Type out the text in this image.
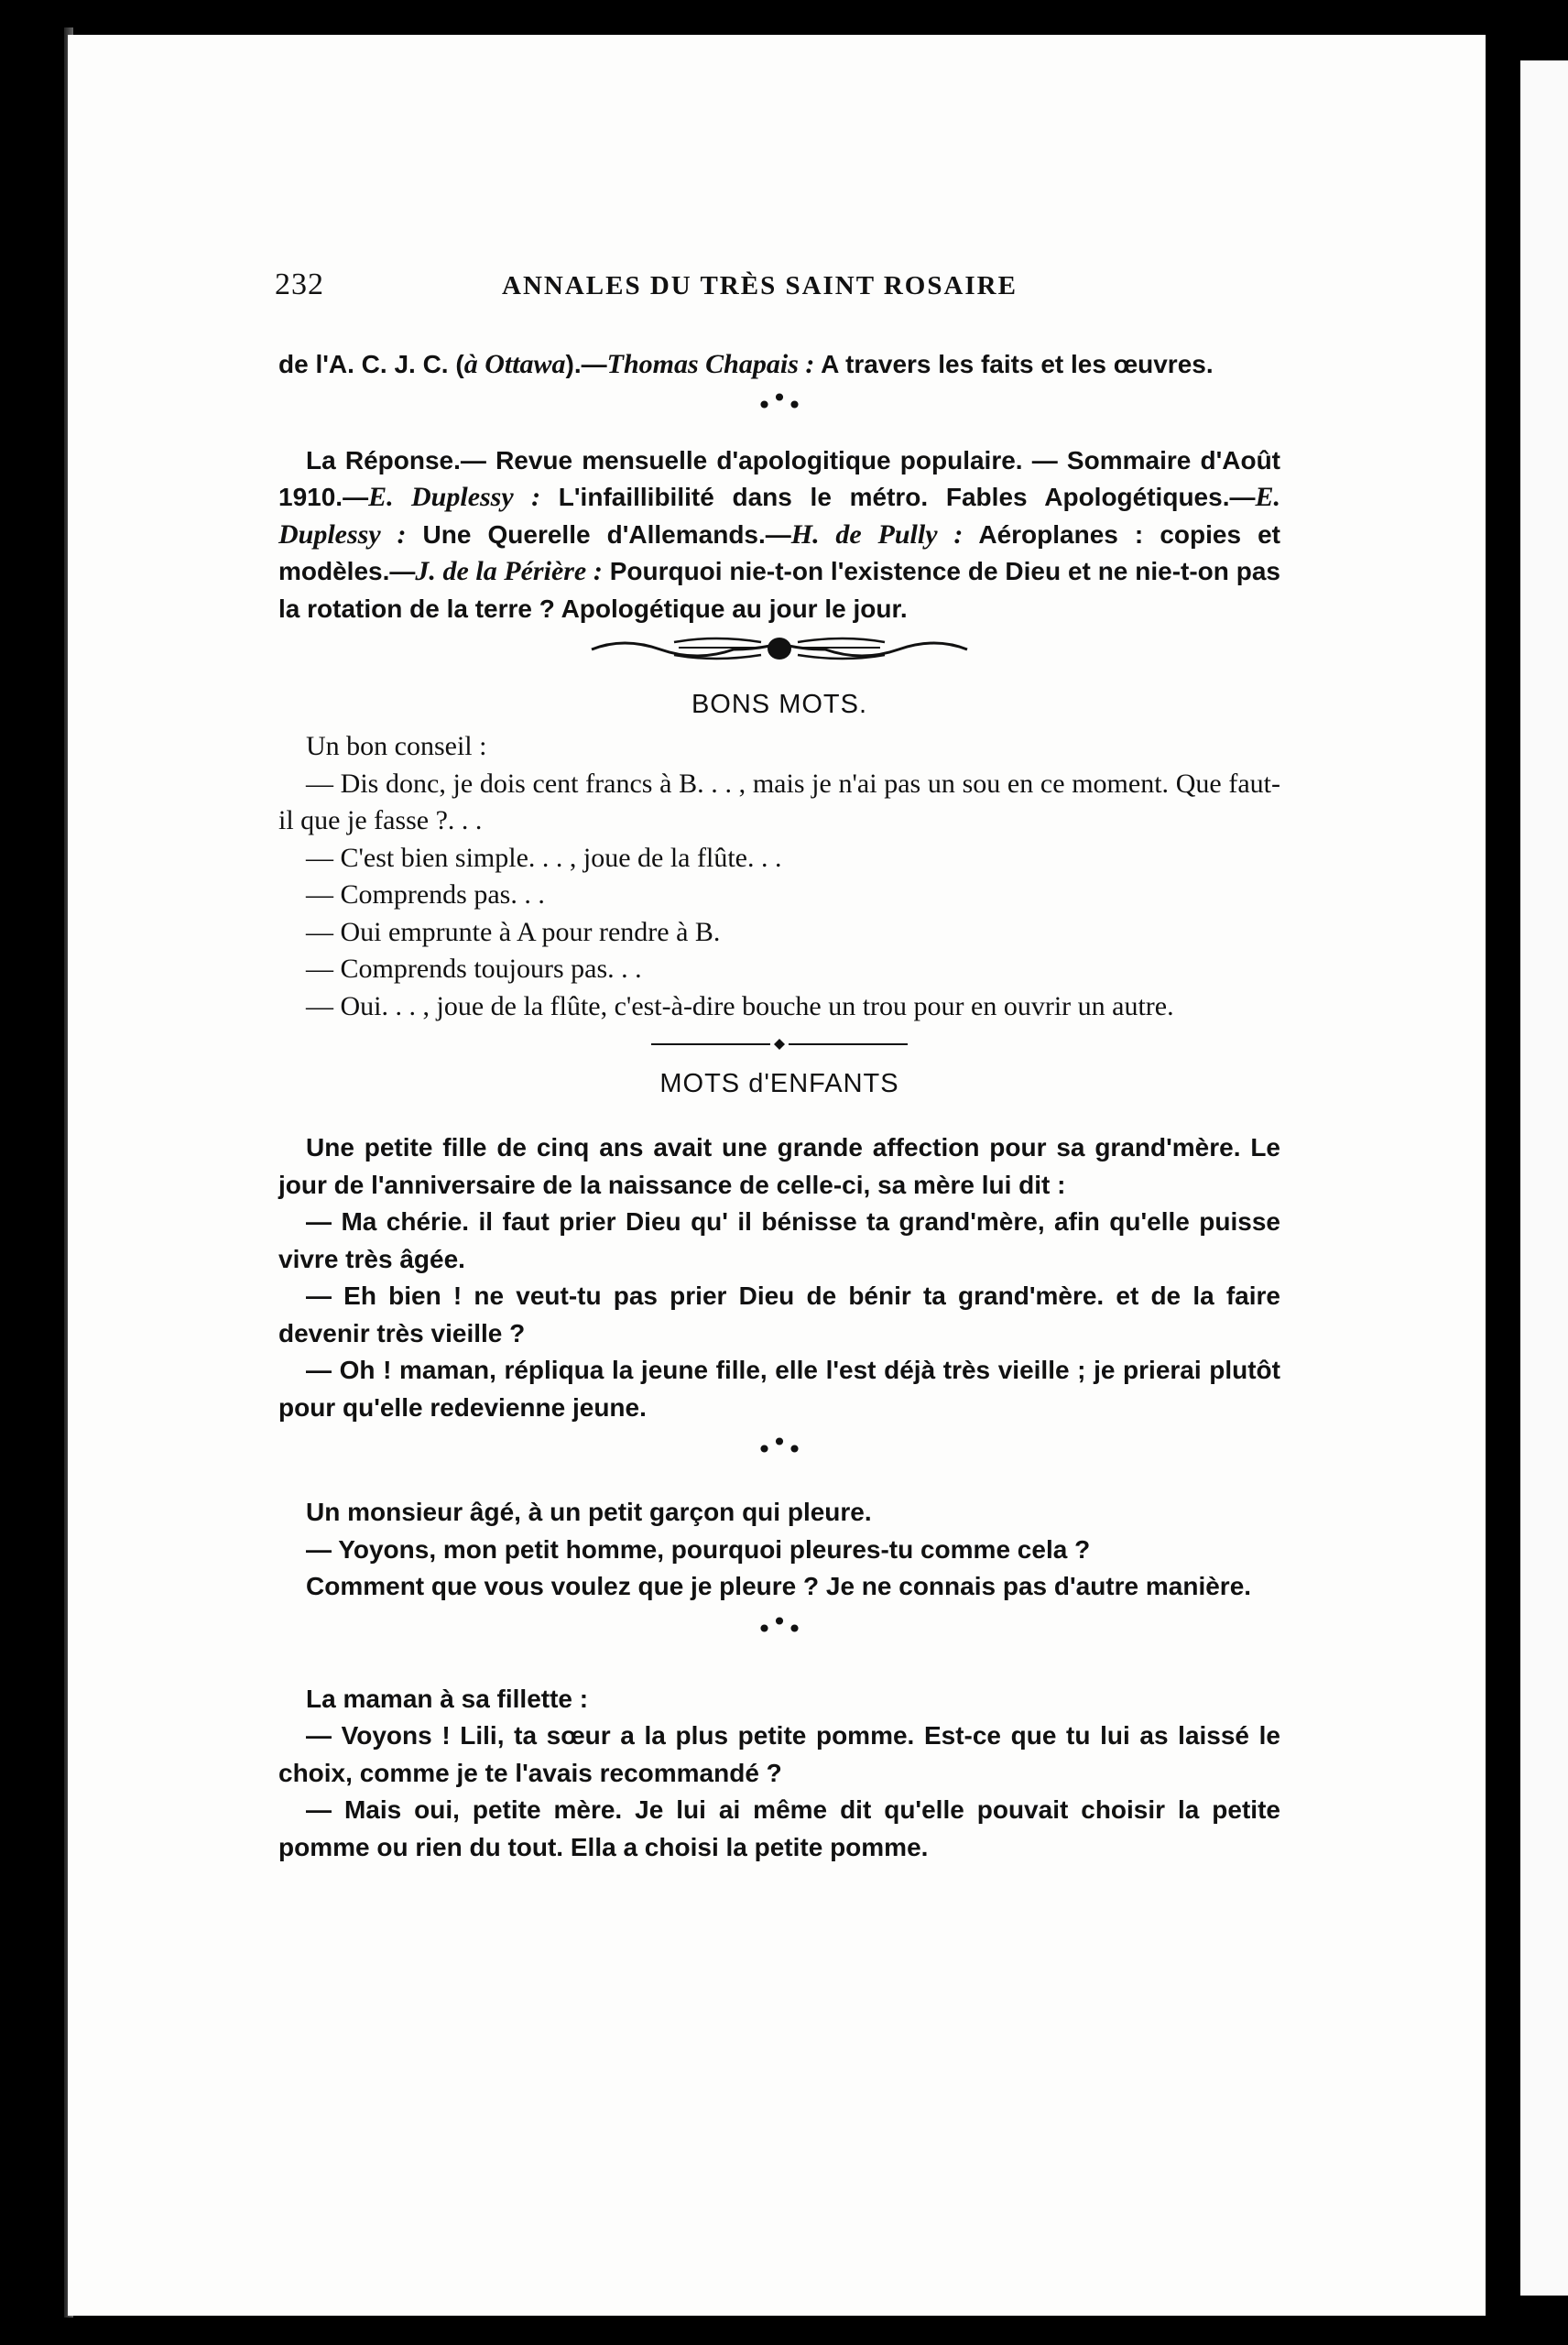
232	ANNALES DU TRÈS SAINT ROSAIRE

de l'A. C. J. C. (à Ottawa).—Thomas Chapais : A travers les faits et les œuvres.

•••

La Réponse.— Revue mensuelle d'apologitique populaire. — Sommaire d'Août 1910.—E. Duplessy : L'infaillibilité dans le métro. Fables Apologétiques.—E. Duplessy : Une Querelle d'Allemands.—H. de Pully : Aéroplanes : copies et modèles.—J. de la Périère : Pourquoi nie-t-on l'existence de Dieu et ne nie-t-on pas la rotation de la terre ? Apologétique au jour le jour.

BONS MOTS.

Un bon conseil :

— Dis donc, je dois cent francs à B. . . , mais je n'ai pas un sou en ce moment. Que faut-il que je fasse ?. . .

— C'est bien simple. . . , joue de la flûte. . .

— Comprends pas. . .

— Oui emprunte à A pour rendre à B.

— Comprends toujours pas. . .

— Oui. . . , joue de la flûte, c'est-à-dire bouche un trou pour en ouvrir un autre.

MOTS d'ENFANTS

Une petite fille de cinq ans avait une grande affection pour sa grand'mère. Le jour de l'anniversaire de la naissance de celle-ci, sa mère lui dit :

— Ma chérie. il faut prier Dieu qu' il bénisse ta grand'mère, afin qu'elle puisse vivre très âgée.

— Eh bien ! ne veut-tu pas prier Dieu de bénir ta grand'mère. et de la faire devenir très vieille ?

— Oh ! maman, répliqua la jeune fille, elle l'est déjà très vieille ; je prierai plutôt pour qu'elle redevienne jeune.

•••

Un monsieur âgé, à un petit garçon qui pleure.

— Yoyons, mon petit homme, pourquoi pleures-tu comme cela ?

Comment que vous voulez que je pleure ? Je ne connais pas d'autre manière.

•••

La maman à sa fillette :

— Voyons ! Lili, ta sœur a la plus petite pomme. Est-ce que tu lui as laissé le choix, comme je te l'avais recommandé ?

— Mais oui, petite mère. Je lui ai même dit qu'elle pouvait choisir la petite pomme ou rien du tout. Ella a choisi la petite pomme.
